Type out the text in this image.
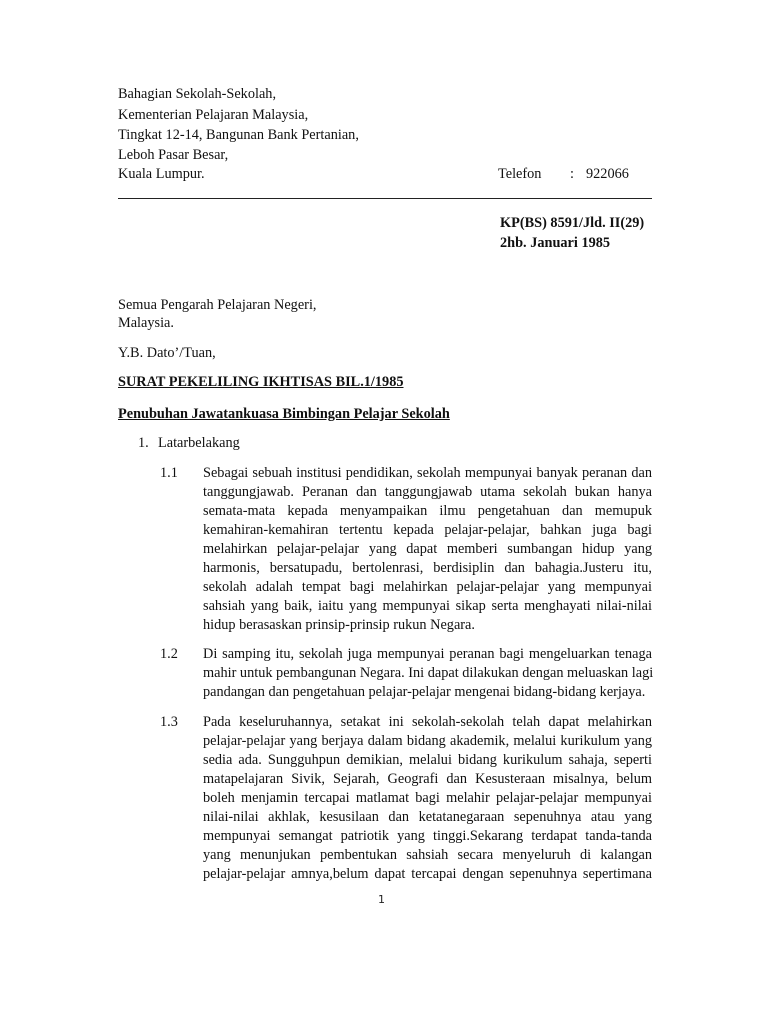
Bahagian Sekolah-Sekolah,
Kementerian Pelajaran Malaysia,
Tingkat 12-14, Bangunan Bank Pertanian,
Leboh Pasar Besar,
Kuala Lumpur.	Telefon : 922066
KP(BS) 8591/Jld. II(29)
2hb. Januari 1985
Semua Pengarah Pelajaran Negeri,
Malaysia.
Y.B. Dato’/Tuan,
SURAT PEKELILING IKHTISAS BIL.1/1985
Penubuhan Jawatankuasa Bimbingan Pelajar Sekolah
1. Latarbelakang
1.1 Sebagai sebuah institusi pendidikan, sekolah mempunyai banyak peranan dan
tanggungjawab. Peranan dan tanggungjawab utama sekolah bukan hanya
semata-mata kepada menyampaikan ilmu pengetahuan dan memupuk
kemahiran-kemahiran tertentu kepada pelajar-pelajar, bahkan juga bagi
melahirkan pelajar-pelajar yang dapat memberi sumbangan hidup yang
harmonis, bersatupadu, bertolenrasi, berdisiplin dan bahagia.Justeru itu,
sekolah adalah tempat bagi melahirkan pelajar-pelajar yang mempunyai
sahsiah yang baik, iaitu yang mempunyai sikap serta menghayati nilai-nilai
hidup berasaskan prinsip-prinsip rukun Negara.
1.2 Di samping itu, sekolah juga mempunyai peranan bagi mengeluarkan tenaga
mahir untuk pembangunan Negara. Ini dapat dilakukan dengan meluaskan lagi
pandangan dan pengetahuan pelajar-pelajar mengenai bidang-bidang kerjaya.
1.3 Pada keseluruhannya, setakat ini sekolah-sekolah telah dapat melahirkan
pelajar-pelajar yang berjaya dalam bidang akademik, melalui kurikulum yang
sedia ada. Sungguhpun demikian, melalui bidang kurikulum sahaja, seperti
matapelajaran Sivik, Sejarah, Geografi dan Kesusteraan misalnya, belum
boleh menjamin tercapai matlamat bagi melahir pelajar-pelajar mempunyai
nilai-nilai akhlak, kesusilaan dan ketatanegaraan sepenuhnya atau yang
mempunyai semangat patriotik yang tinggi.Sekarang terdapat tanda-tanda
yang menunjukan pembentukan sahsiah secara menyeluruh di kalangan
pelajar-pelajar amnya,belum dapat tercapai dengan sepenuhnya sepertimana
1
